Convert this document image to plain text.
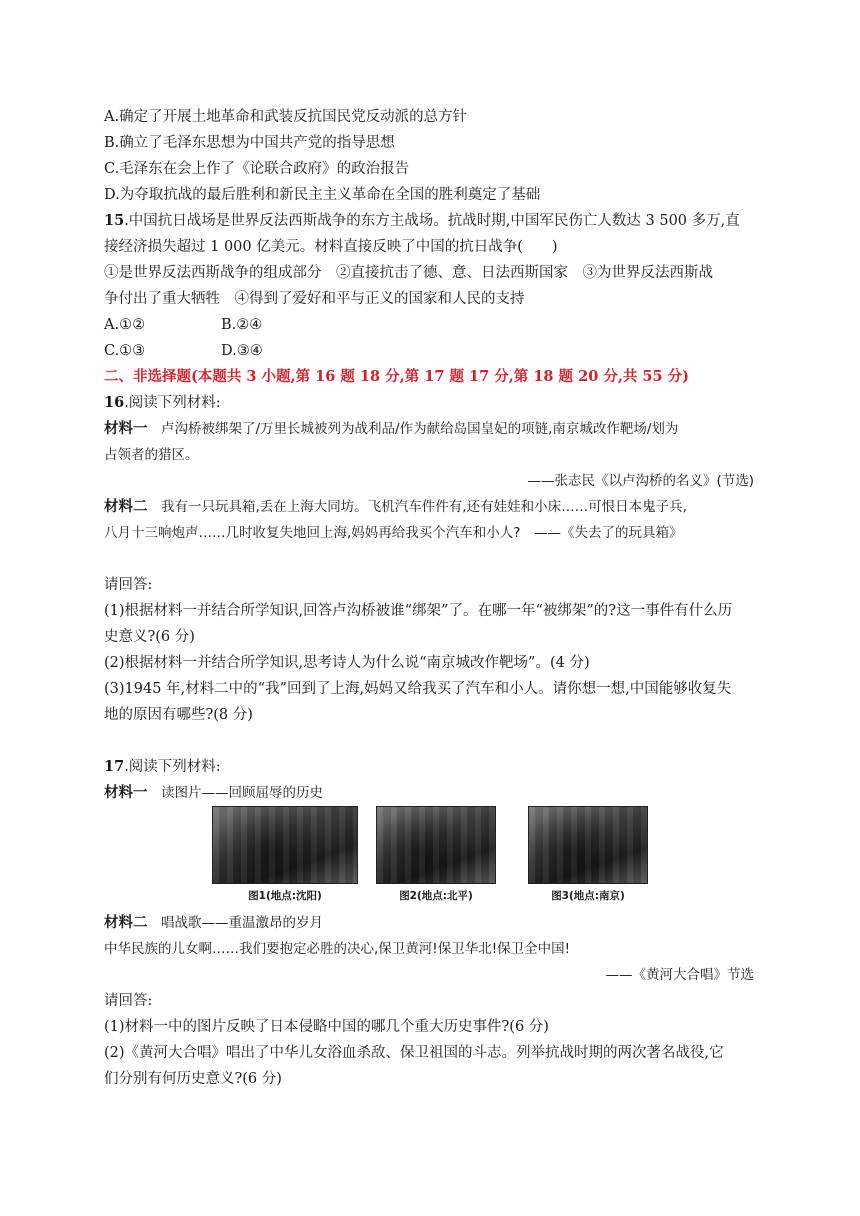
A.确定了开展土地革命和武装反抗国民党反动派的总方针
B.确立了毛泽东思想为中国共产党的指导思想
C.毛泽东在会上作了《论联合政府》的政治报告
D.为夺取抗战的最后胜利和新民主主义革命在全国的胜利奠定了基础
15.中国抗日战场是世界反法西斯战争的东方主战场。抗战时期,中国军民伤亡人数达 3 500 多万,直
接经济损失超过 1 000 亿美元。材料直接反映了中国的抗日战争(　　)
①是世界反法西斯战争的组成部分　②直接抗击了德、意、日法西斯国家　③为世界反法西斯战
争付出了重大牺牲　④得到了爱好和平与正义的国家和人民的支持
A.①②	B.②④
C.①③	D.③④
二、非选择题(本题共 3 小题,第 16 题 18 分,第 17 题 17 分,第 18 题 20 分,共 55 分)
16.阅读下列材料:
材料一　卢沟桥被绑架了/万里长城被列为战利品/作为献给岛国皇妃的项链,南京城改作靶场/划为
占领者的猎区。
——张志民《以卢沟桥的名义》(节选)
材料二　我有一只玩具箱,丢在上海大同坊。飞机汽车件件有,还有娃娃和小床……可恨日本鬼子兵,
八月十三响炮声……几时收复失地回上海,妈妈再给我买个汽车和小人?　——《失去了的玩具箱》
请回答:
(1)根据材料一并结合所学知识,回答卢沟桥被谁“绑架”了。在哪一年“被绑架”的?这一事件有什么历
史意义?(6 分)
(2)根据材料一并结合所学知识,思考诗人为什么说“南京城改作靶场”。(4 分)
(3)1945 年,材料二中的“我”回到了上海,妈妈又给我买了汽车和小人。请你想一想,中国能够收复失
地的原因有哪些?(8 分)
17.阅读下列材料:
材料一　读图片——回顾屈辱的历史
图1(地点:沈阳)	图2(地点:北平)	图3(地点:南京)
材料二　唱战歌——重温激昂的岁月
中华民族的儿女啊……我们要抱定必胜的决心,保卫黄河!保卫华北!保卫全中国!
——《黄河大合唱》节选
请回答:
(1)材料一中的图片反映了日本侵略中国的哪几个重大历史事件?(6 分)
(2)《黄河大合唱》唱出了中华儿女浴血杀敌、保卫祖国的斗志。列举抗战时期的两次著名战役,它
们分别有何历史意义?(6 分)
